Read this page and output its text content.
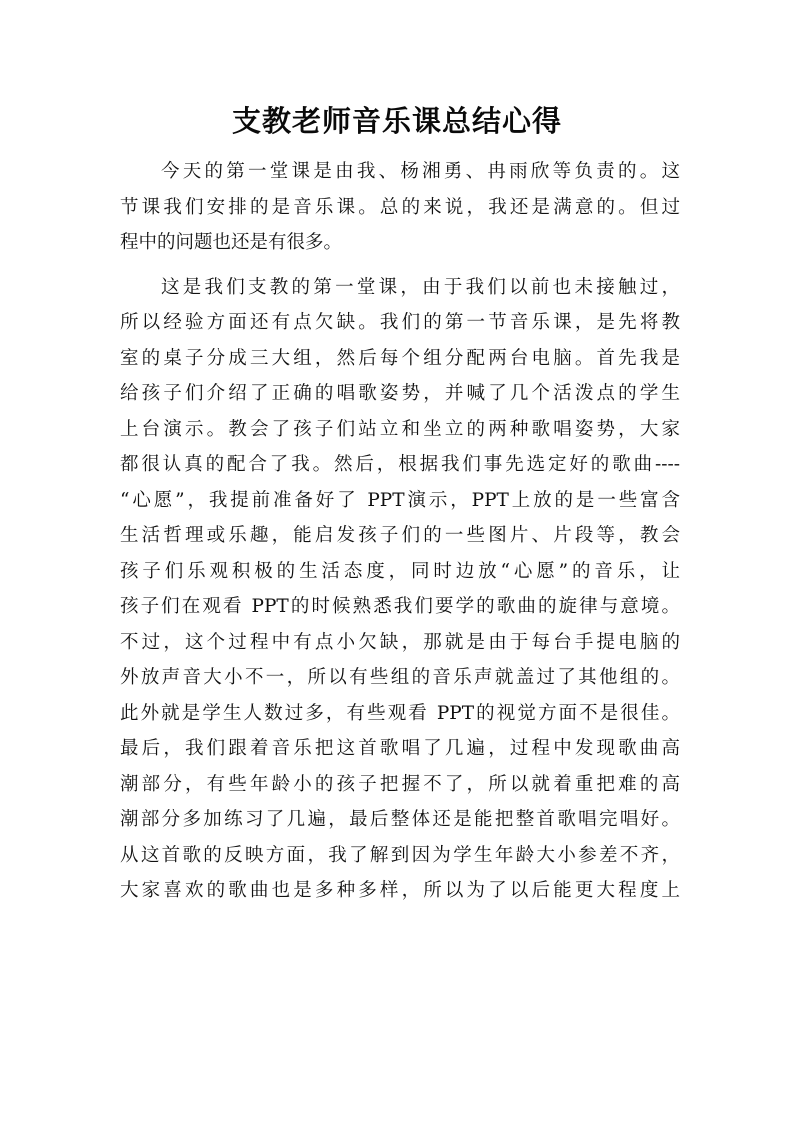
支教老师音乐课总结心得
今天的第一堂课是由我、杨湘勇、冉雨欣等负责的。这
节课我们安排的是音乐课。总的来说，我还是满意的。但过
程中的问题也还是有很多。
这是我们支教的第一堂课，由于我们以前也未接触过，
所以经验方面还有点欠缺。我们的第一节音乐课，是先将教
室的桌子分成三大组，然后每个组分配两台电脑。首先我是
给孩子们介绍了正确的唱歌姿势，并喊了几个活泼点的学生
上台演示。教会了孩子们站立和坐立的两种歌唱姿势，大家
都很认真的配合了我。然后，根据我们事先选定好的歌曲----
“心愿”，我提前准备好了 PPT演示，PPT上放的是一些富含
生活哲理或乐趣，能启发孩子们的一些图片、片段等，教会
孩子们乐观积极的生活态度，同时边放“心愿”的音乐，让
孩子们在观看 PPT的时候熟悉我们要学的歌曲的旋律与意境。
不过，这个过程中有点小欠缺，那就是由于每台手提电脑的
外放声音大小不一，所以有些组的音乐声就盖过了其他组的。
此外就是学生人数过多，有些观看 PPT的视觉方面不是很佳。
最后，我们跟着音乐把这首歌唱了几遍，过程中发现歌曲高
潮部分，有些年龄小的孩子把握不了，所以就着重把难的高
潮部分多加练习了几遍，最后整体还是能把整首歌唱完唱好。
从这首歌的反映方面，我了解到因为学生年龄大小参差不齐，
大家喜欢的歌曲也是多种多样，所以为了以后能更大程度上
